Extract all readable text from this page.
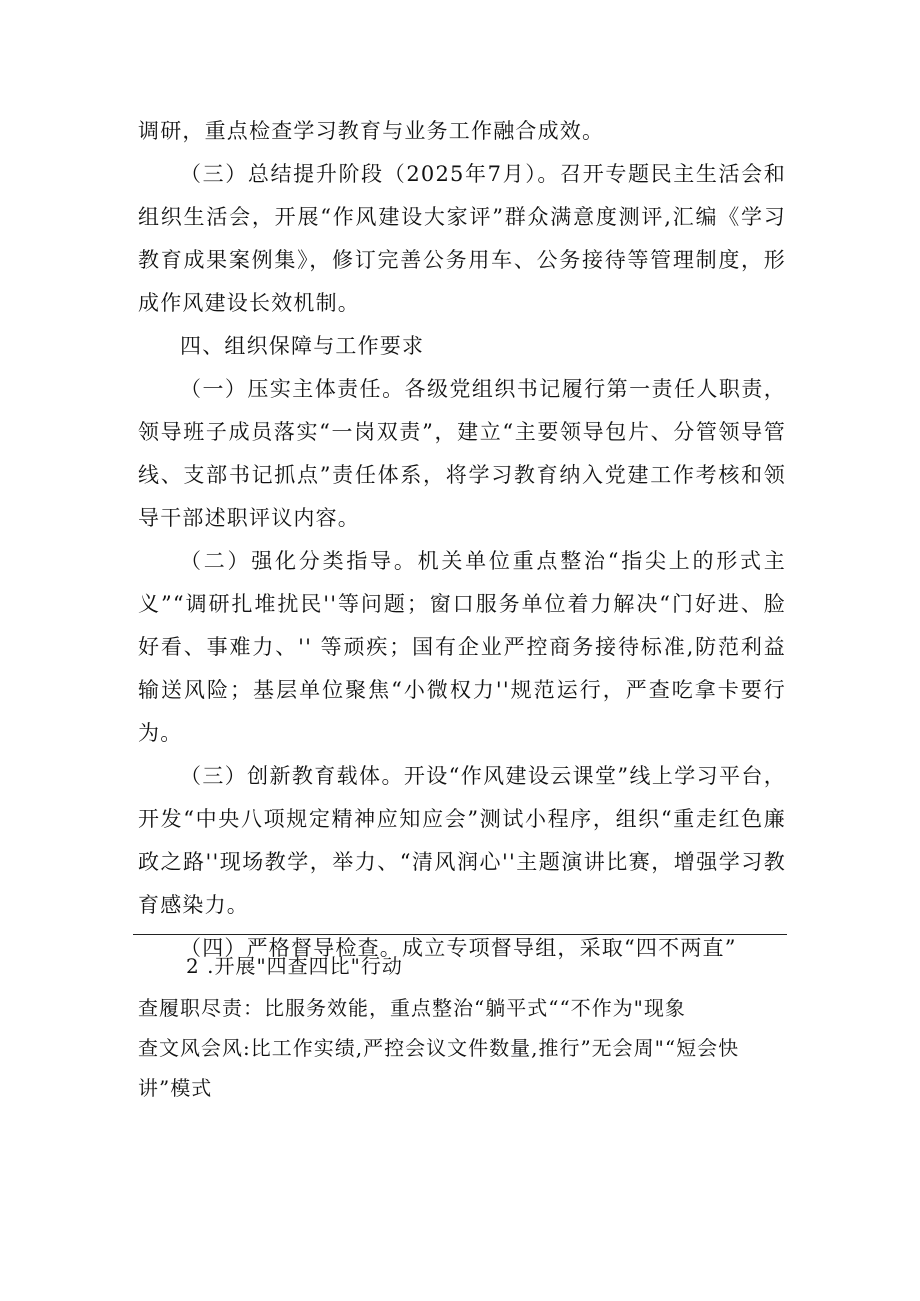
调研，重点检查学习教育与业务工作融合成效。

（三）总结提升阶段（2025年7月）。召开专题民主生活会和组织生活会，开展“作风建设大家评”群众满意度测评,汇编《学习教育成果案例集》，修订完善公务用车、公务接待等管理制度，形成作风建设长效机制。

四、组织保障与工作要求

（一）压实主体责任。各级党组织书记履行第一责任人职责，领导班子成员落实“一岗双责”，建立“主要领导包片、分管领导管线、支部书记抓点”责任体系，将学习教育纳入党建工作考核和领导干部述职评议内容。

（二）强化分类指导。机关单位重点整治“指尖上的形式主义”“调研扎堆扰民''等问题；窗口服务单位着力解决“门好进、脸好看、事难力、'' 等顽疾；国有企业严控商务接待标准,防范利益输送风险；基层单位聚焦“小微权力''规范运行，严查吃拿卡要行为。

（三）创新教育载体。开设“作风建设云课堂”线上学习平台，开发“中央八项规定精神应知应会”测试小程序，组织“重走红色廉政之路''现场教学，举力、“清风润心''主题演讲比赛，增强学习教育感染力。

（四）严格督导检查。成立专项督导组，采取“四不两直”

2 .开展"四查四比"行动

查履职尽责：比服务效能，重点整治“躺平式““不作为"现象

查文风会风:比工作实绩,严控会议文件数量,推行”无会周"“短会快讲”模式
